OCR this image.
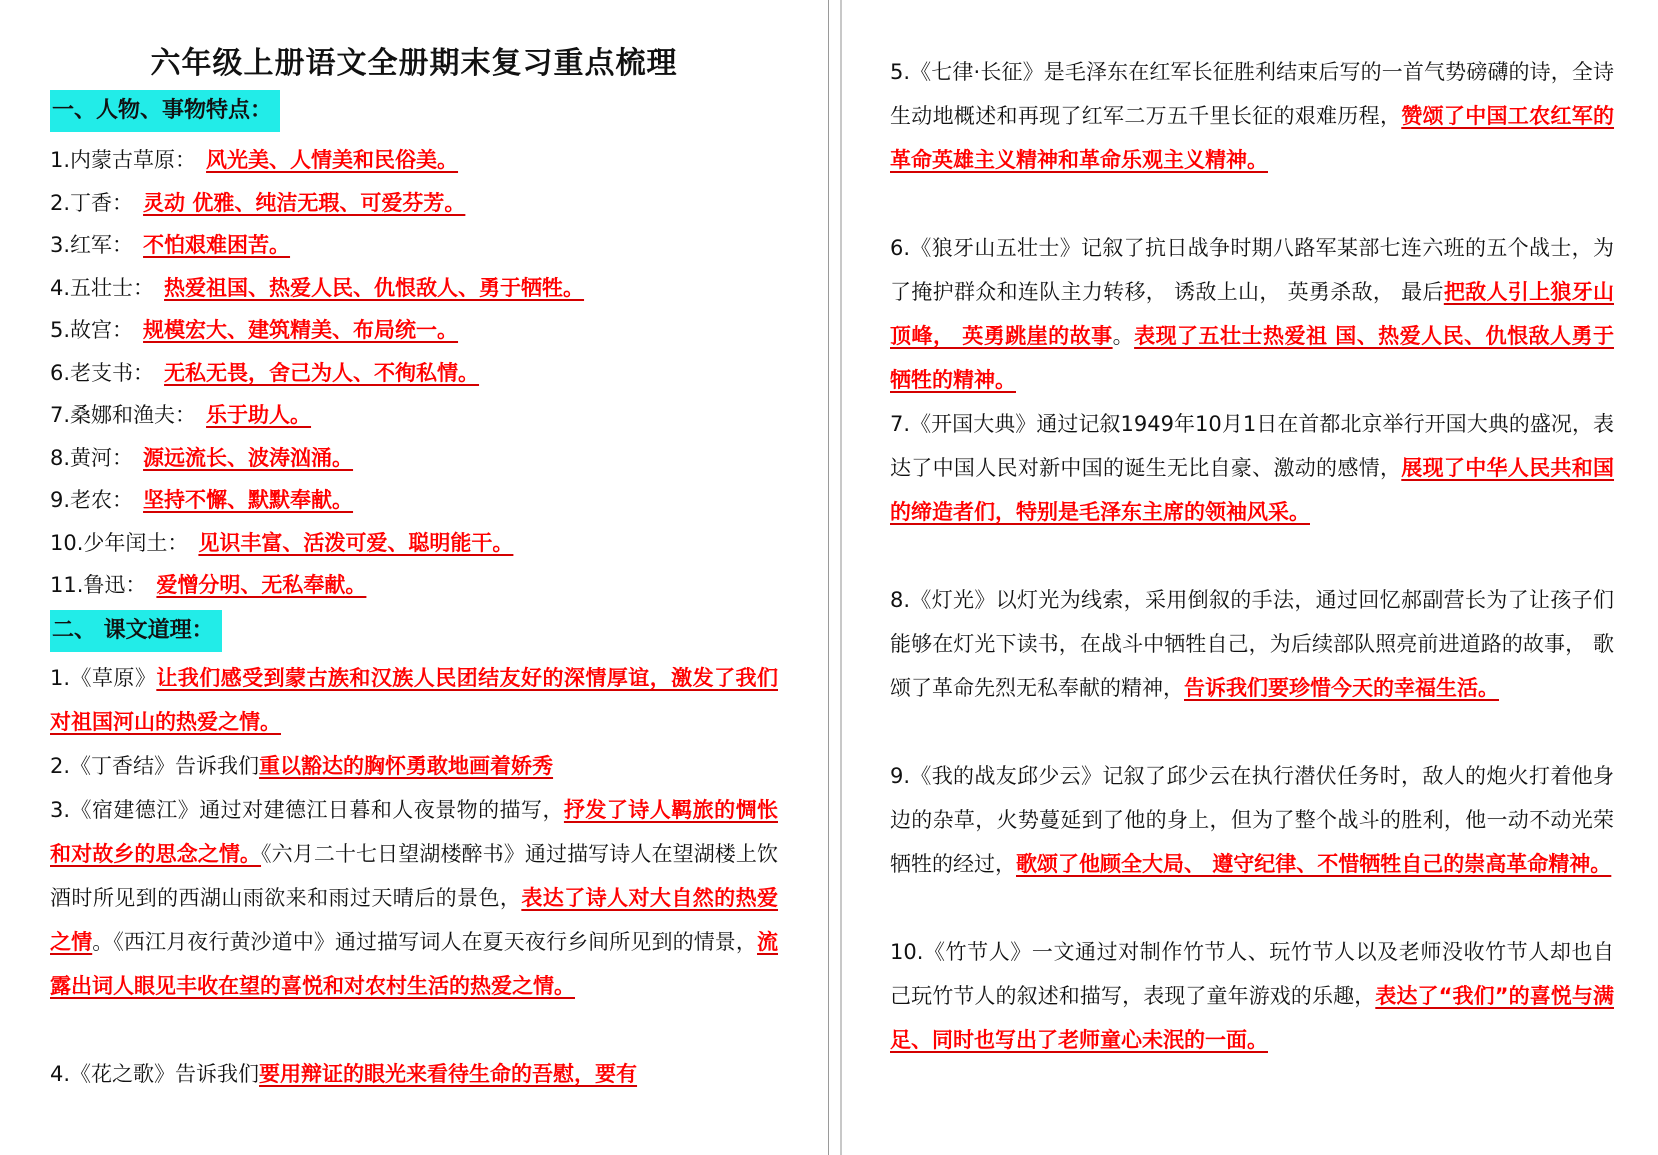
六年级上册语文全册期末复习重点梳理
一、人物、事物特点：
1.内蒙古草原： 风光美、人情美和民俗美。
2.丁香： 灵动 优雅、纯洁无瑕、可爱芬芳。
3.红军： 不怕艰难困苦。
4.五壮士： 热爱祖国、热爱人民、仇恨敌人、勇于牺牲。
5.故宫： 规模宏大、建筑精美、布局统一。
6.老支书： 无私无畏，舍己为人、不徇私情。
7.桑娜和渔夫： 乐于助人。
8.黄河： 源远流长、波涛汹涌。
9.老农： 坚持不懈、默默奉献。
10.少年闰土： 见识丰富、活泼可爱、聪明能干。
11.鲁迅： 爱憎分明、无私奉献。
二、 课文道理：

1.《草原》让我们感受到蒙古族和汉族人民团结友好的深情厚谊，激发了我们对祖国河山的热爱之情。

2.《丁香结》告诉我们重以豁达的胸怀勇敢地画着娇秀

3.《宿建德江》通过对建德江日暮和人夜景物的描写，抒发了诗人羁旅的惆怅和对故乡的思念之情。《六月二十七日望湖楼醉书》通过描写诗人在望湖楼上饮酒时所见到的西湖山雨欲来和雨过天晴后的景色，表达了诗人对大自然的热爱之情。《西江月夜行黄沙道中》通过描写词人在夏天夜行乡间所见到的情景，流露出词人眼见丰收在望的喜悦和对农村生活的热爱之情。

4.《花之歌》告诉我们要用辩证的眼光来看待生命的吾慰，要有

5.《七律·长征》是毛泽东在红军长征胜利结束后写的一首气势磅礴的诗，全诗生动地概述和再现了红军二万五千里长征的艰难历程，赞颂了中国工农红军的革命英雄主义精神和革命乐观主义精神。

6.《狼牙山五壮士》记叙了抗日战争时期八路军某部七连六班的五个战士，为了掩护群众和连队主力转移， 诱敌上山， 英勇杀敌， 最后把敌人引上狼牙山顶峰， 英勇跳崖的故事。表现了五壮士热爱祖 国、热爱人民、仇恨敌人勇于牺牲的精神。

7.《开国大典》通过记叙1949年10月1日在首都北京举行开国大典的盛况，表达了中国人民对新中国的诞生无比自豪、激动的感情，展现了中华人民共和国的缔造者们，特别是毛泽东主席的领袖风采。

8.《灯光》以灯光为线索，采用倒叙的手法，通过回忆郝副营长为了让孩子们能够在灯光下读书，在战斗中牺牲自己，为后续部队照亮前进道路的故事， 歌颂了革命先烈无私奉献的精神，告诉我们要珍惜今天的幸福生活。

9.《我的战友邱少云》记叙了邱少云在执行潜伏任务时，敌人的炮火打着他身边的杂草，火势蔓延到了他的身上，但为了整个战斗的胜利，他一动不动光荣牺牲的经过，歌颂了他顾全大局、 遵守纪律、不惜牺牲自己的崇高革命精神。

10.《竹节人》一文通过对制作竹节人、玩竹节人以及老师没收竹节人却也自己玩竹节人的叙述和描写，表现了童年游戏的乐趣，表达了“我们”的喜悦与满足、同时也写出了老师童心未泯的一面。
